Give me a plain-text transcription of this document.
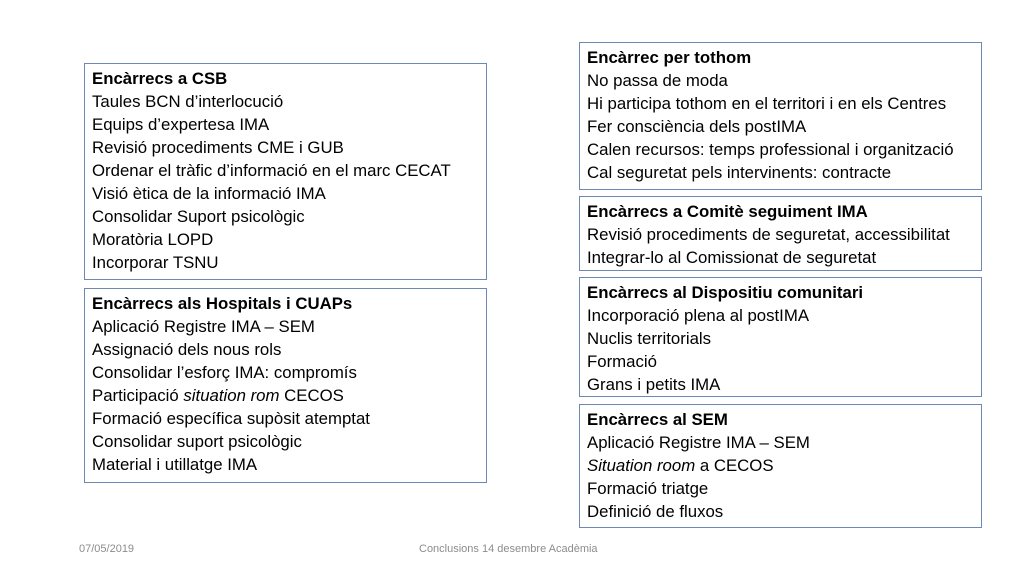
Encàrrecs a CSB
Taules BCN d’interlocució
Equips d’expertesa IMA
Revisió procediments CME i GUB
Ordenar el tràfic d’informació en el marc CECAT
Visió ètica de la informació IMA
Consolidar Suport psicològic
Moratòria LOPD
Incorporar TSNU
Encàrrecs als Hospitals i CUAPs
Aplicació Registre IMA – SEM
Assignació dels nous rols
Consolidar l’esforç IMA: compromís
Participació situation rom CECOS
Formació específica supòsit atemptat
Consolidar suport psicològic
Material i utillatge IMA
Encàrrec per tothom
No passa de moda
Hi participa tothom en el territori i en els Centres
Fer consciència dels postIMA
Calen recursos: temps professional i organització
Cal seguretat pels intervinents: contracte
Encàrrecs a Comitè seguiment IMA
Revisió procediments de seguretat, accessibilitat
Integrar-lo al Comissionat de seguretat
Encàrrecs al Dispositiu comunitari
Incorporació plena al postIMA
Nuclis territorials
Formació
Grans i petits IMA
Encàrrecs al SEM
Aplicació Registre IMA – SEM
Situation room a CECOS
Formació triatge
Definició de fluxos
07/05/2019	Conclusions 14 desembre Acadèmia
